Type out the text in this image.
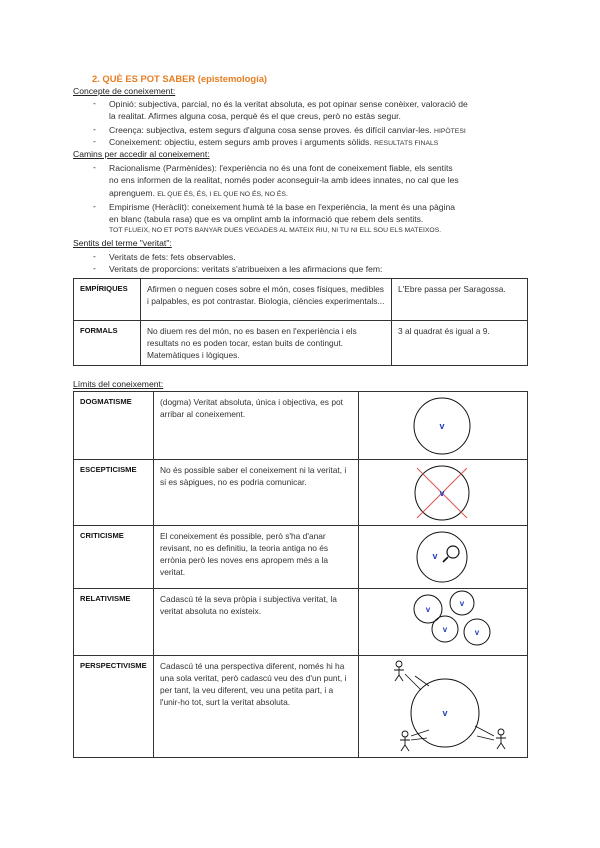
2. QUÈ ES POT SABER (epistemología)
Concepte de coneixement:
- Opinió: subjectiva, parcial, no és la veritat absoluta, es pot opinar sense conèixer, valoració de
la realitat. Afirmes alguna cosa, perquè és el que creus, però no estàs segur.
- Creença: subjectiva, estem segurs d'alguna cosa sense proves. és difícil canviar-les. HIPÒTESI
- Coneixement: objectiu, estem segurs amb proves i arguments sòlids. RESULTATS FINALS
Camins per accedir al coneixement:
- Racionalisme (Parmènides): l'experiència no és una font de coneixement fiable, els sentits
no ens informen de la realitat, només poder aconseguir-la amb idees innates, no cal que les
aprenguem. EL QUE ÉS, ÉS, I EL QUE NO ÉS, NO ÉS.
- Empirisme (Heràclit): coneixement humà té la base en l'experiència, la ment és una pàgina
en blanc (tabula rasa) que es va omplint amb la informació que rebem dels sentits.
TOT FLUEIX, NO ET POTS BANYAR DUES VEGADES AL MATEIX RIU, NI TU NI ELL SOU ELS MATEIXOS.
Sentits del terme "veritat":
- Veritats de fets: fets observables.
- Veritats de proporcions: veritats s'atribueixen a les afirmacions que fem:
EMPÍRIQUES	Afirmen o neguen coses sobre el món, coses físiques, medibles i palpables, es pot contrastar. Biologia, ciències experimentals...	L'Ebre passa per Saragossa.
FORMALS	No diuem res del món, no es basen en l'experiència i els resultats no es poden tocar, estan buits de contingut. Matemàtiques i lògiques.	3 al quadrat és igual a 9.
Límits del coneixement:
DOGMATISME	(dogma) Veritat absoluta, única i objectiva, es pot arribar al coneixement.	v

ESCEPTICISME	No és possible saber el coneixement ni la veritat, i si es sàpigues, no es podria comunicar.	v

CRITICISME	El coneixement és possible, però s'ha d'anar revisant, no es definitiu, la teoria antiga no és errònia però les noves ens apropem més a la veritat.	v

RELATIVISME	Cadascú té la seva pròpia i subjectiva veritat, la veritat absoluta no existeix.	v
v
v v

PERSPECTIVISME	Cadascú té una perspectiva diferent, només hi ha una sola veritat, però cadascú veu des d'un punt, i per tant, la veu diferent, veu una petita part, i a l'unir-ho tot, surt la veritat absoluta.	v
